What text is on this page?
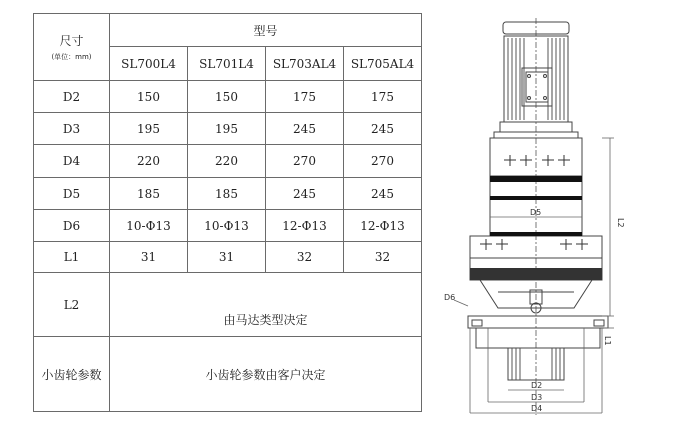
尺寸
(单位：mm)	型号			
	SL700L4	SL701L4	SL703AL4	SL705AL4
D2	150	150	175	175
D3	195	195	245	245
D4	220	220	270	270
D5	185	185	245	245
D6	10-Φ13	10-Φ13	12-Φ13	12-Φ13
L1	31	31	32	32
L2	由马达类型决定			
小齿轮参数	小齿轮参数由客户决定			
D5
D2
D3
D4
D6
L1
L2
